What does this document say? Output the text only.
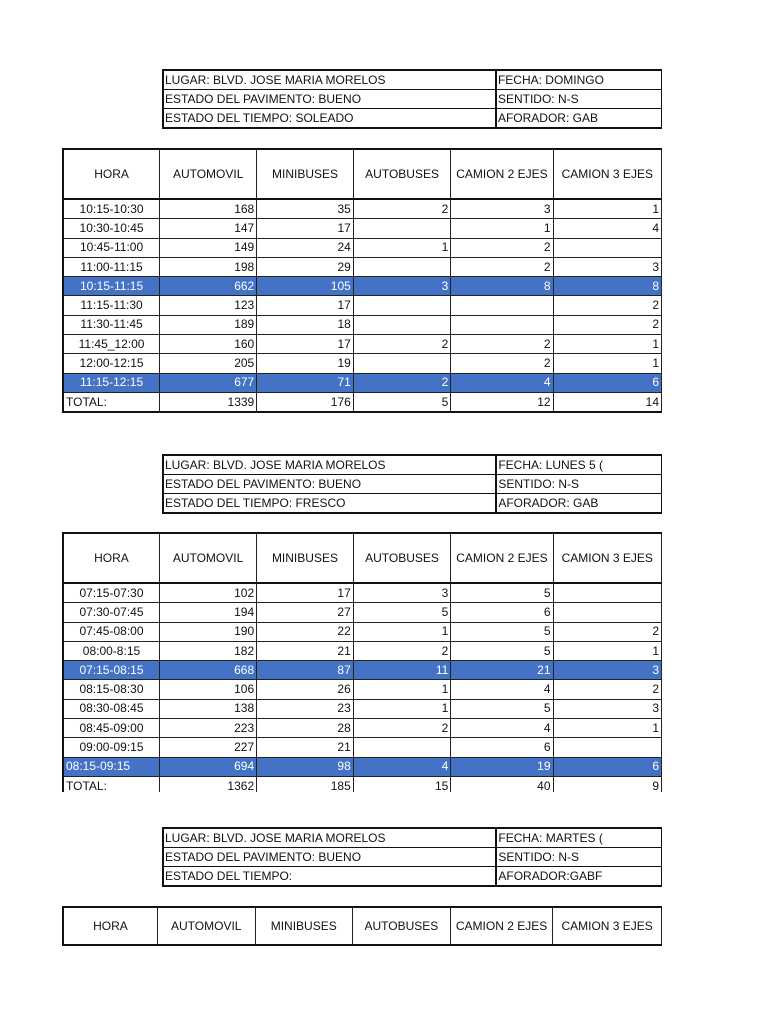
LUGAR: BLVD. JOSE MARIA MORELOS	FECHA: DOMINGO
ESTADO DEL PAVIMENTO: BUENO	SENTIDO: N-S
ESTADO DEL TIEMPO: SOLEADO	AFORADOR: GAB
HORA	AUTOMOVIL	MINIBUSES	AUTOBUSES	CAMION 2 EJES	CAMION 3 EJES
10:15-10:30	168	35	2	3	1
10:30-10:45	147	17		1	4
10:45-11:00	149	24	1	2	
11:00-11:15	198	29		2	3
10:15-11:15	662	105	3	8	8
11:15-11:30	123	17			2
11:30-11:45	189	18			2
11:45_12:00	160	17	2	2	1
12:00-12:15	205	19		2	1
11:15-12:15	677	71	2	4	6
TOTAL:	1339	176	5	12	14
LUGAR: BLVD. JOSE MARIA MORELOS	FECHA: LUNES 5 (
ESTADO DEL PAVIMENTO: BUENO	SENTIDO: N-S
ESTADO DEL TIEMPO: FRESCO	AFORADOR: GAB
HORA	AUTOMOVIL	MINIBUSES	AUTOBUSES	CAMION 2 EJES	CAMION 3 EJES
07:15-07:30	102	17	3	5	
07:30-07:45	194	27	5	6	
07:45-08:00	190	22	1	5	2
08:00-8:15	182	21	2	5	1
07:15-08:15	668	87	11	21	3
08:15-08:30	106	26	1	4	2
08:30-08:45	138	23	1	5	3
08:45-09:00	223	28	2	4	1
09:00-09:15	227	21		6	
08:15-09:15	694	98	4	19	6
TOTAL:	1362	185	15	40	9
LUGAR: BLVD. JOSE MARIA MORELOS	FECHA: MARTES (
ESTADO DEL PAVIMENTO: BUENO	SENTIDO: N-S
ESTADO DEL TIEMPO:	AFORADOR:GABF
HORA	AUTOMOVIL	MINIBUSES	AUTOBUSES	CAMION 2 EJES	CAMION 3 EJES
